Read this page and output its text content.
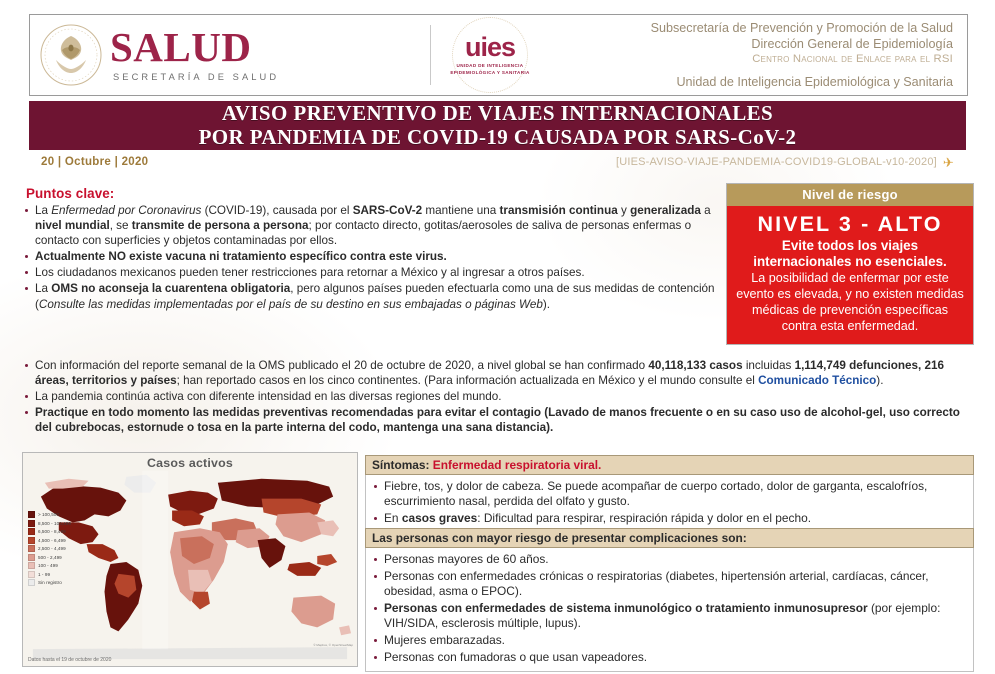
SALUD
SECRETARÍA DE SALUD
uies
UNIDAD DE INTELIGENCIA EPIDEMIOLÓGICA Y SANITARIA
Subsecretaría de Prevención y Promoción de la Salud
Dirección General de Epidemiología
Centro Nacional de Enlace para el RSI
Unidad de Inteligencia Epidemiológica y Sanitaria
AVISO PREVENTIVO DE VIAJES INTERNACIONALES
POR PANDEMIA DE COVID-19 CAUSADA POR SARS-CoV-2
20 | Octubre | 2020	[UIES-AVISO-VIAJE-PANDEMIA-COVID19-GLOBAL-v10-2020] ✈
Puntos clave:
La Enfermedad por Coronavirus (COVID-19), causada por el SARS-CoV-2 mantiene una transmisión continua y generalizada a nivel mundial, se transmite de persona a persona; por contacto directo, gotitas/aerosoles de saliva de personas enfermas o contacto con superficies y objetos contaminadas por ellos.
Actualmente NO existe vacuna ni tratamiento específico contra este virus.
Los ciudadanos mexicanos pueden tener restricciones para retornar a México y al ingresar a otros países.
La OMS no aconseja la cuarentena obligatoria, pero algunos países pueden efectuarla como una de sus medidas de contención (Consulte las medidas implementadas por el país de su destino en sus embajadas o páginas Web).
Con información del reporte semanal de la OMS publicado el 20 de octubre de 2020, a nivel global se han confirmado 40,118,133 casos incluidas 1,114,749 defunciones, 216 áreas, territorios y países; han reportado casos en los cinco continentes. (Para información actualizada en México y el mundo consulte el Comunicado Técnico).
La pandemia continúa activa con diferente intensidad en las diversas regiones del mundo.
Practique en todo momento las medidas preventivas recomendadas para evitar el contagio (Lavado de manos frecuente o en su caso uso de alcohol-gel, uso correcto del cubrebocas, estornude o tosa en la parte interna del codo, mantenga una sana distancia).
Nivel de riesgo
NIVEL 3 - ALTO
Evite todos los viajes
internacionales no esenciales.
La posibilidad de enfermar por este evento es elevada, y no existen medidas médicas de prevención específicas contra esta enfermedad.
Casos activos
> 100,500
8,500 - 100,499
6,500 - 8,499
4,500 - 6,499
2,500 - 4,499
500 - 2,499
100 - 499
1 - 99
Sin registro
© Mapbox, © OpenStreetMap
Datos hasta el 19 de octubre de 2020
Síntomas: Enfermedad respiratoria viral.
Fiebre, tos, y dolor de cabeza. Se puede acompañar de cuerpo cortado, dolor de garganta, escalofríos, escurrimiento nasal, perdida del olfato y gusto.
En casos graves: Dificultad para respirar, respiración rápida y dolor en el pecho.
Las personas con mayor riesgo de presentar complicaciones son:
Personas mayores de 60 años.
Personas con enfermedades crónicas o respiratorias (diabetes, hipertensión arterial, cardíacas, cáncer, obesidad, asma o EPOC).
Personas con enfermedades de sistema inmunológico o tratamiento inmunosupresor (por ejemplo: VIH/SIDA, esclerosis múltiple, lupus).
Mujeres embarazadas.
Personas con fumadoras o que usan vapeadores.
